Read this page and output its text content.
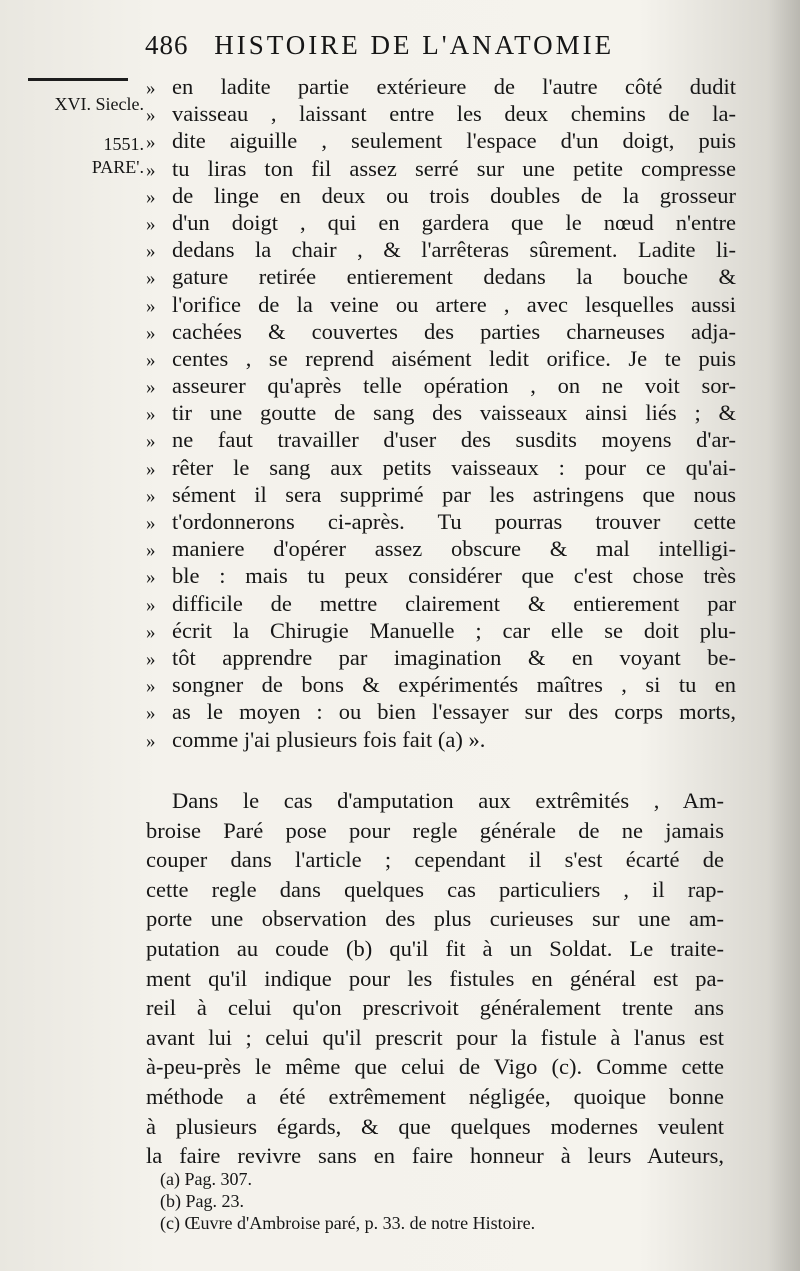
486 HISTOIRE DE L'ANATOMIE
XVI. Siecle.
1551.
PARE'.
» en ladite partie extérieure de l'autre côté dudit
» vaisseau , laissant entre les deux chemins de la-
» dite aiguille , seulement l'espace d'un doigt, puis
» tu liras ton fil assez serré sur une petite compresse
» de linge en deux ou trois doubles de la grosseur
» d'un doigt , qui en gardera que le nœud n'entre
» dedans la chair , & l'arrêteras sûrement. Ladite li-
» gature retirée entierement dedans la bouche &
» l'orifice de la veine ou artere , avec lesquelles aussi
» cachées & couvertes des parties charneuses adja-
» centes , se reprend aisément ledit orifice. Je te puis
» asseurer qu'après telle opération , on ne voit sor-
» tir une goutte de sang des vaisseaux ainsi liés ; &
» ne faut travailler d'user des susdits moyens d'ar-
» rêter le sang aux petits vaisseaux : pour ce qu'ai-
» sément il sera supprimé par les astringens que nous
» t'ordonnerons ci-après. Tu pourras trouver cette
» maniere d'opérer assez obscure & mal intelligi-
» ble : mais tu peux considérer que c'est chose très
» difficile de mettre clairement & entierement par
» écrit la Chirugie Manuelle ; car elle se doit plu-
» tôt apprendre par imagination & en voyant be-
» songner de bons & expérimentés maîtres , si tu en
» as le moyen : ou bien l'essayer sur des corps morts,
» comme j'ai plusieurs fois fait (a) ».
Dans le cas d'amputation aux extrêmités , Am-
broise Paré pose pour regle générale de ne jamais
couper dans l'article ; cependant il s'est écarté de
cette regle dans quelques cas particuliers , il rap-
porte une observation des plus curieuses sur une am-
putation au coude (b) qu'il fit à un Soldat. Le traite-
ment qu'il indique pour les fistules en général est pa-
reil à celui qu'on prescrivoit généralement trente ans
avant lui ; celui qu'il prescrit pour la fistule à l'anus est
à-peu-près le même que celui de Vigo (c). Comme cette
méthode a été extrêmement négligée, quoique bonne
à plusieurs égards, & que quelques modernes veulent
la faire revivre sans en faire honneur à leurs Auteurs,
(a) Pag. 307.
(b) Pag. 23.
(c) Œuvre d'Ambroise paré, p. 33. de notre Histoire.
